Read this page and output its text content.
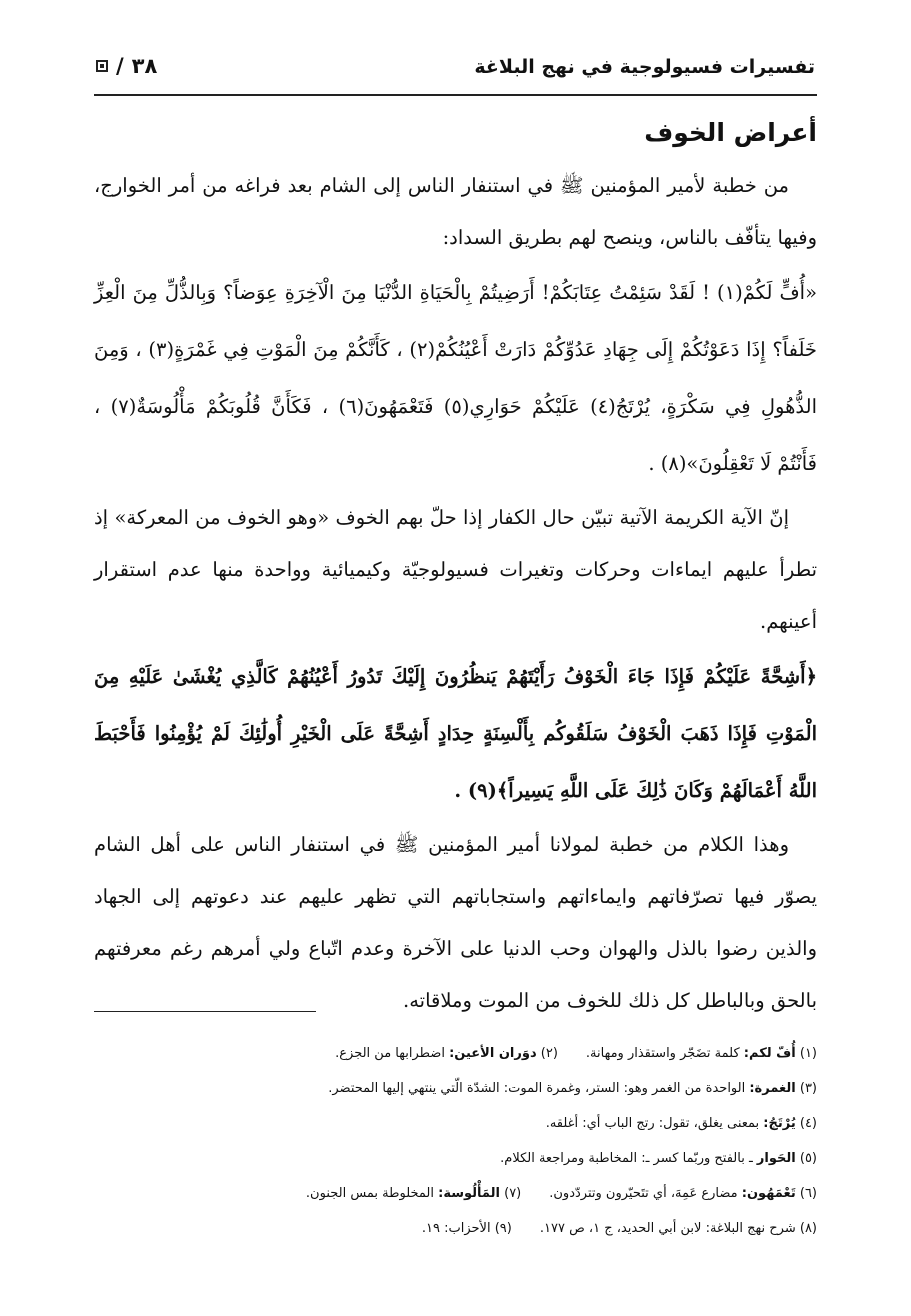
تفسيرات فسيولوجية في نهج البلاغة
٣٨
/
أعراض الخوف

من خطبة لأمير المؤمنين ﷺ في استنفار الناس إلى الشام بعد فراغه من أمر الخوارج، وفيها يتأفّف بالناس، وينصح لهم بطريق السداد:

«أُفٍّ لَكُمْ(١) ! لَقَدْ سَئِمْتُ عِتَابَكُمْ! أَرَضِيتُمْ بِالْحَيَاةِ الدُّنْيَا مِنَ الْآخِرَةِ عِوَضاً؟ وَبِالذُّلِّ مِنَ الْعِزِّ خَلَفاً؟ إِذَا دَعَوْتُكُمْ إِلَى جِهَادِ عَدُوِّكُمْ دَارَتْ أَعْيُنُكُمْ(٢) ، كَأَنَّكُمْ مِنَ الْمَوْتِ فِي غَمْرَةٍ(٣) ، وَمِنَ الذُّهُولِ فِي سَكْرَةٍ، يُرْتَجُ(٤) عَلَيْكُمْ حَوَارِي(٥) فَتَعْمَهُونَ(٦) ، فَكَأَنَّ قُلُوبَكُمْ مَأْلُوسَةٌ(٧) ، فَأَنْتُمْ لَا تَعْقِلُونَ»(٨) .

إنّ الآية الكريمة الآتية تبيّن حال الكفار إذا حلّ بهم الخوف «وهو الخوف من المعركة» إذ تطرأ عليهم ايماءات وحركات وتغيرات فسيولوجيّة وكيميائية وواحدة منها عدم استقرار أعينهم.

﴿أَشِحَّةً عَلَيْكُمْ فَإِذَا جَاءَ الْخَوْفُ رَأَيْتَهُمْ يَنظُرُونَ إِلَيْكَ تَدُورُ أَعْيُنُهُمْ كَالَّذِي يُغْشَىٰ عَلَيْهِ مِنَ الْمَوْتِ فَإِذَا ذَهَبَ الْخَوْفُ سَلَقُوكُم بِأَلْسِنَةٍ حِدَادٍ أَشِحَّةً عَلَى الْخَيْرِ أُولَٰئِكَ لَمْ يُؤْمِنُوا فَأَحْبَطَ اللَّهُ أَعْمَالَهُمْ وَكَانَ ذَٰلِكَ عَلَى اللَّهِ يَسِيراً﴾(٩) .

وهذا الكلام من خطبة لمولانا أمير المؤمنين ﷺ في استنفار الناس على أهل الشام يصوّر فيها تصرّفاتهم وايماءاتهم واستجاباتهم التي تظهر عليهم عند دعوتهم إلى الجهاد والذين رضوا بالذل والهوان وحب الدنيا على الآخرة وعدم اتّباع ولي أمرهم رغم معرفتهم بالحق وبالباطل كل ذلك للخوف من الموت وملاقاته.

(١) أُفّ لكم: كلمة تضَجّر واستقذار ومهانة.
(٢) دوَران الأعين: اضطرابها من الجزع.
(٣) الغمرة: الواحدة من الغمر وهو: الستر، وغمرة الموت: الشدّة الّتي ينتهي إليها المحتضر.
(٤) يُرْتَجُ: بمعنى يغلق، تقول: رتج الباب أي: أغلقه.
(٥) الحَوار ـ بالفتح وربّما كسر ـ: المخاطبة ومراجعة الكلام.
(٦) تَعْمَهُون: مضارع عَمِهَ، أي تتَحيّرون وتتردّدون.
(٧) المَأْلُوسة: المخلوطة بمس الجنون.
(٨) شرح نهج البلاغة: لابن أبي الحديد، ج ١، ص ١٧٧.
(٩) الأحزاب: ١٩.
